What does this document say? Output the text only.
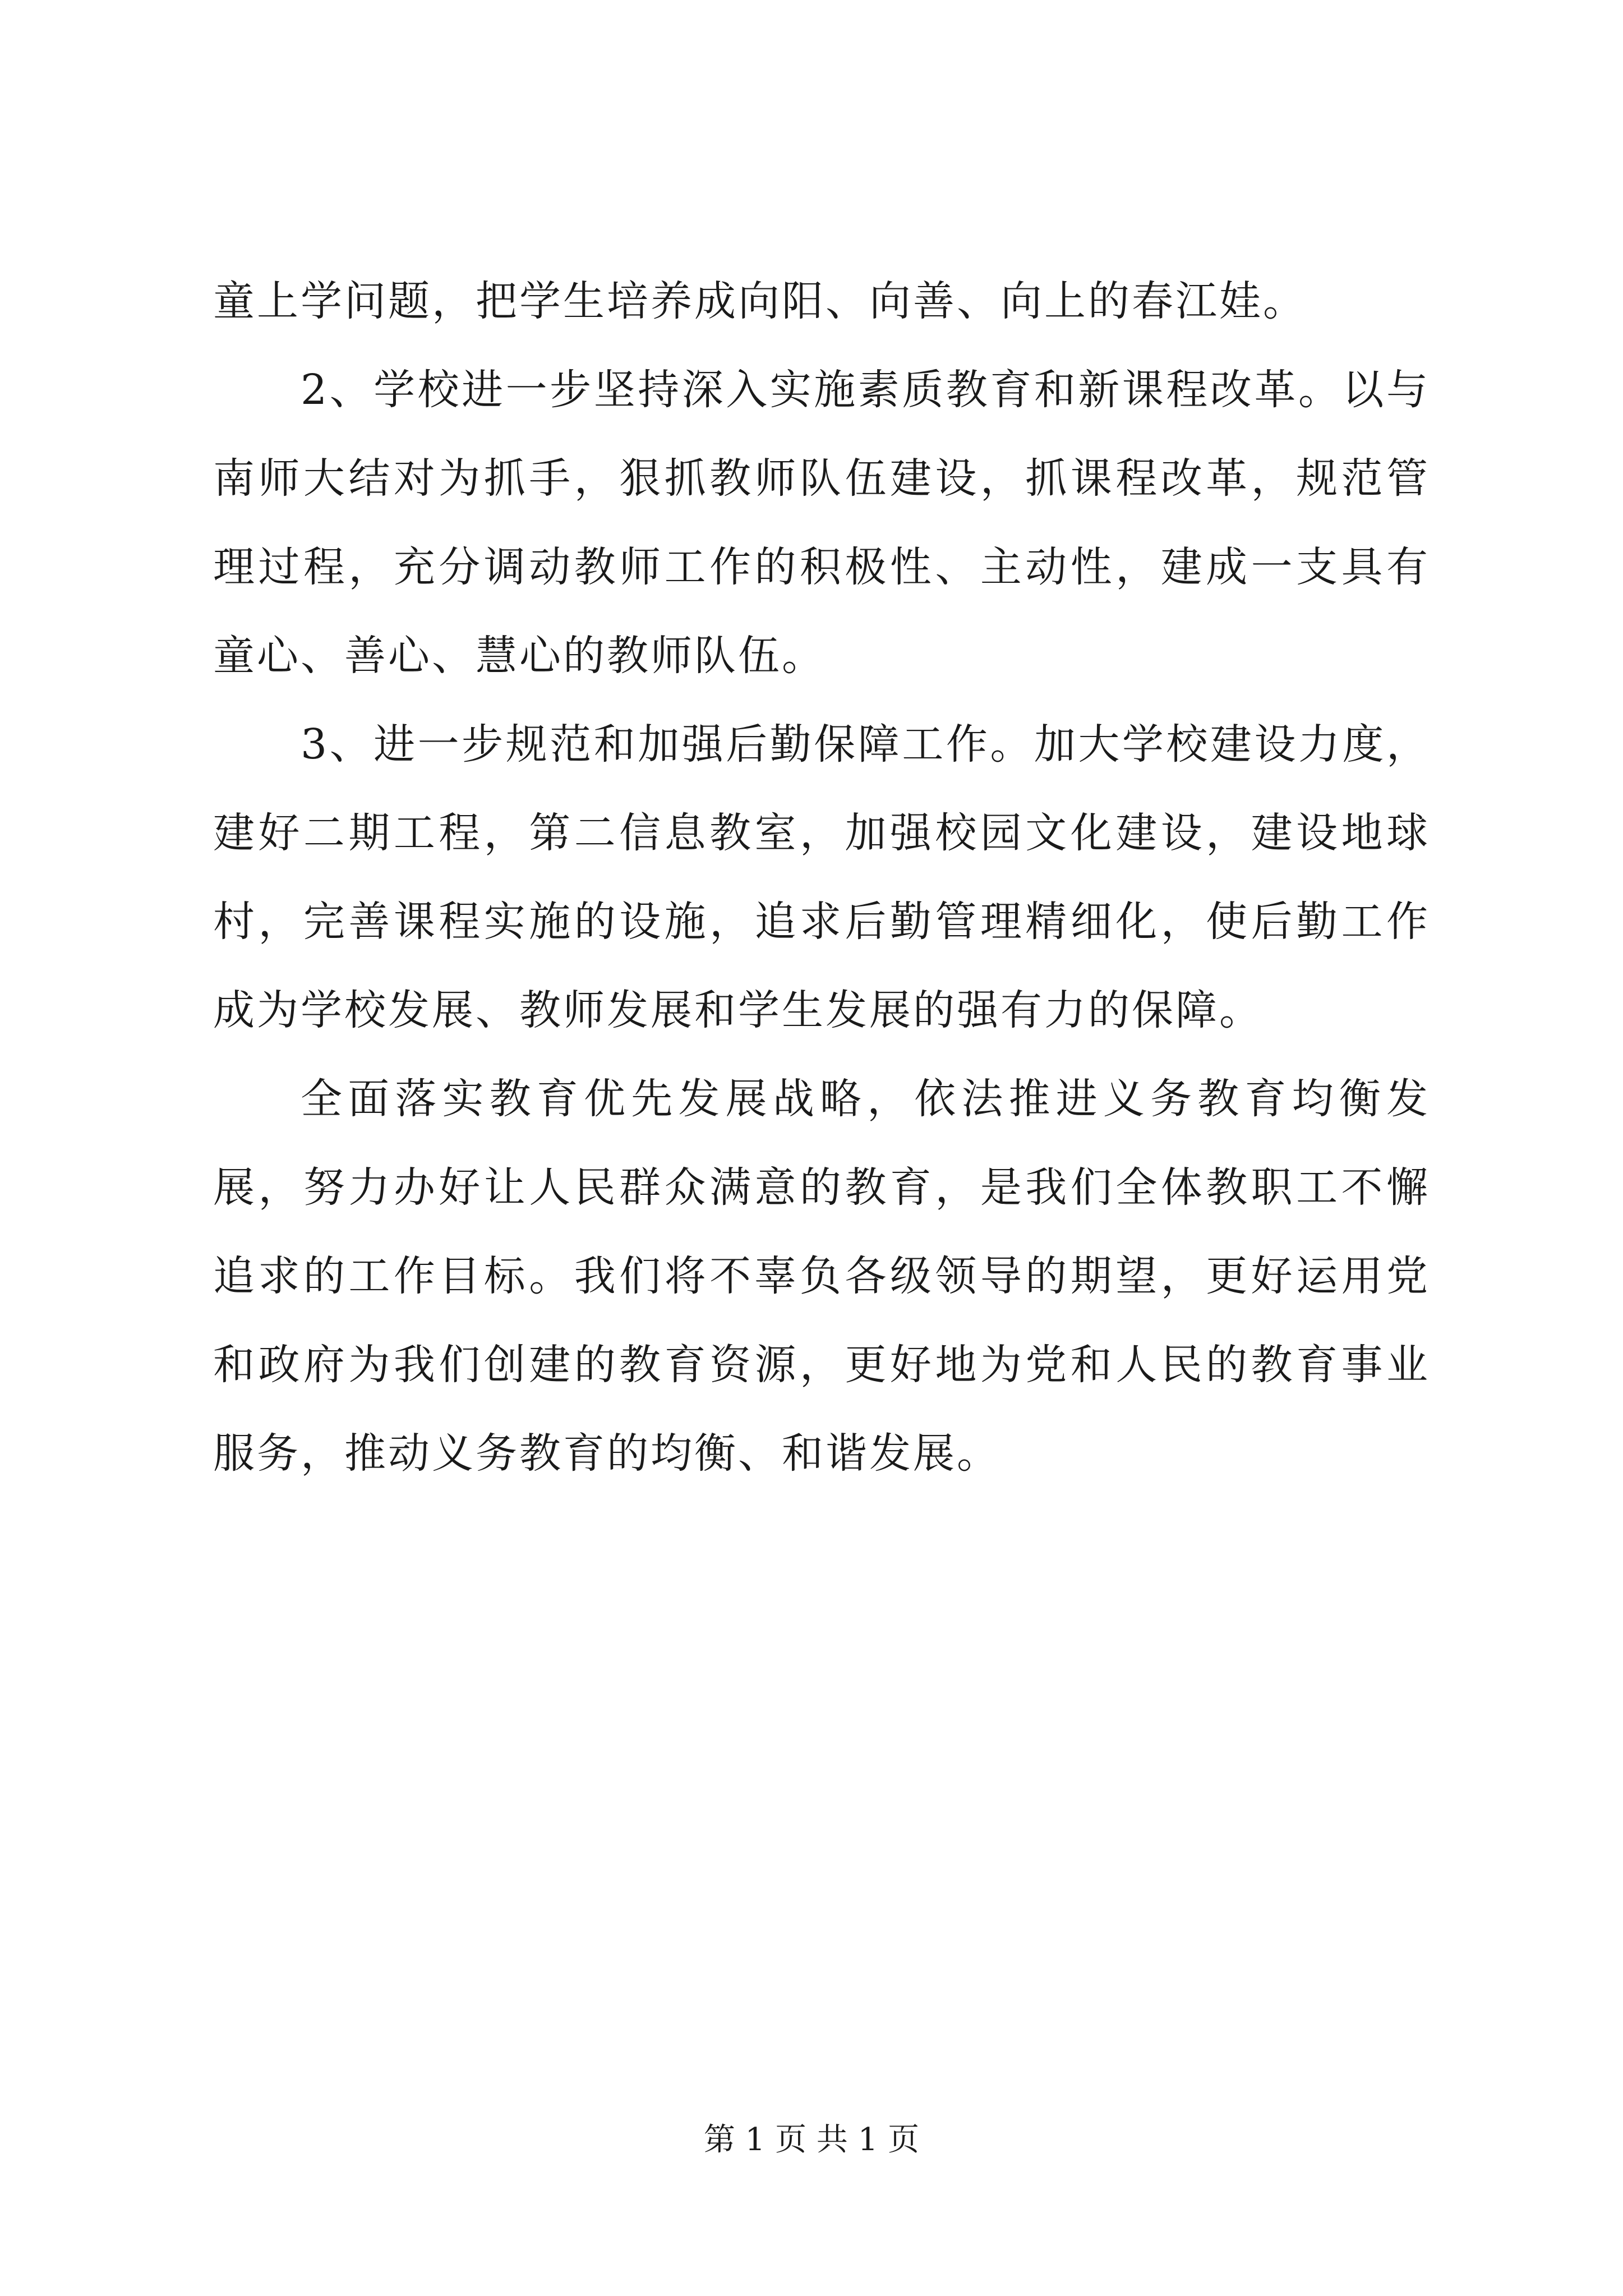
童上学问题，把学生培养成向阳、向善、向上的春江娃。

2、学校进一步坚持深入实施素质教育和新课程改革。以与南师大结对为抓手，狠抓教师队伍建设，抓课程改革，规范管理过程，充分调动教师工作的积极性、主动性，建成一支具有童心、善心、慧心的教师队伍。

3、进一步规范和加强后勤保障工作。加大学校建设力度，建好二期工程，第二信息教室，加强校园文化建设，建设地球村，完善课程实施的设施，追求后勤管理精细化，使后勤工作成为学校发展、教师发展和学生发展的强有力的保障。

全面落实教育优先发展战略，依法推进义务教育均衡发展，努力办好让人民群众满意的教育，是我们全体教职工不懈追求的工作目标。我们将不辜负各级领导的期望，更好运用党和政府为我们创建的教育资源，更好地为党和人民的教育事业服务，推动义务教育的均衡、和谐发展。

第 1 页 共 1 页
